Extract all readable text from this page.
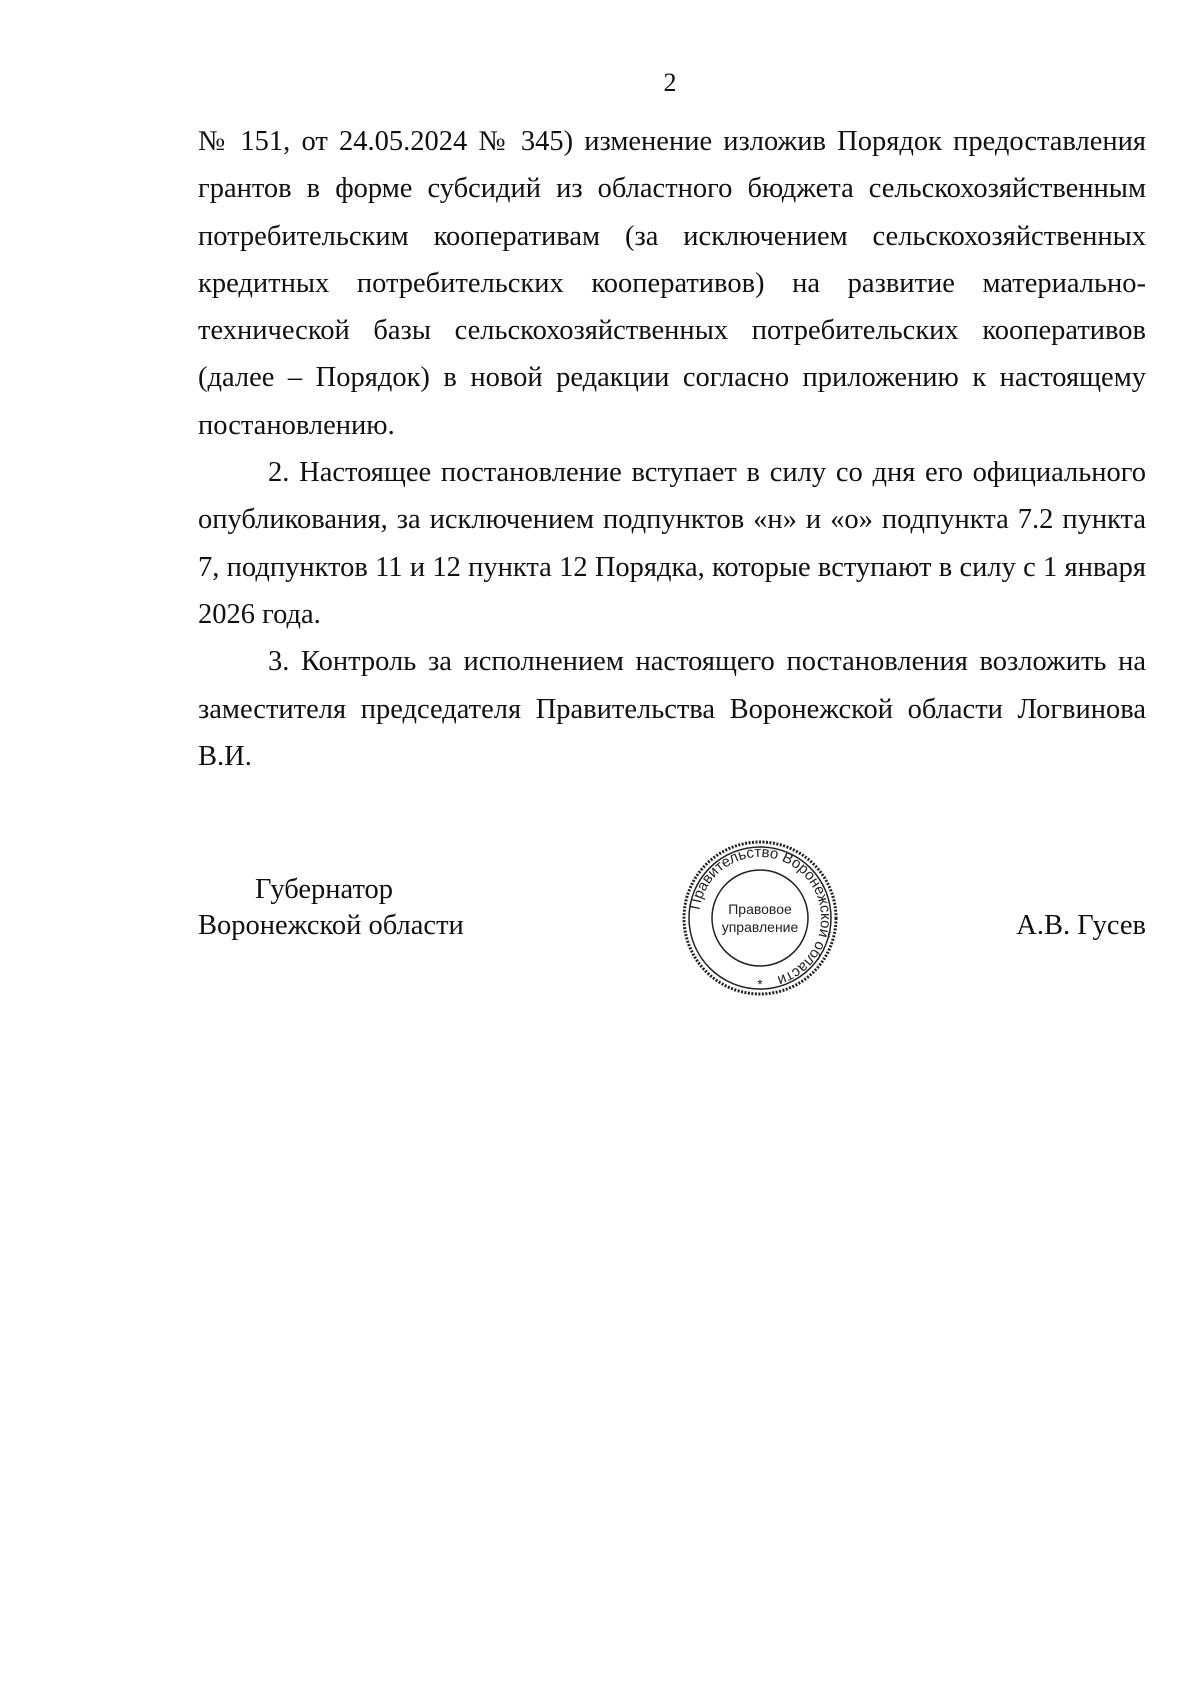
2

№ 151, от 24.05.2024 № 345) изменение изложив Порядок предоставления грантов в форме субсидий из областного бюджета сельскохозяйственным потребительским кооперативам (за исключением сельскохозяйственных кредитных потребительских кооперативов) на развитие материально-технической базы сельскохозяйственных потребительских кооперативов (далее – Порядок) в новой редакции согласно приложению к настоящему постановлению.

2. Настоящее постановление вступает в силу со дня его официального опубликования, за исключением подпунктов «н» и «о» подпункта 7.2 пункта 7, подпунктов 11 и 12 пункта 12 Порядка, которые вступают в силу с 1 января 2026 года.

3. Контроль за исполнением настоящего постановления возложить на заместителя председателя Правительства Воронежской области Логвинова В.И.

Губернатор
Воронежской области
Правительство Воронежской области
Правовое
управление
*
А.В. Гусев
